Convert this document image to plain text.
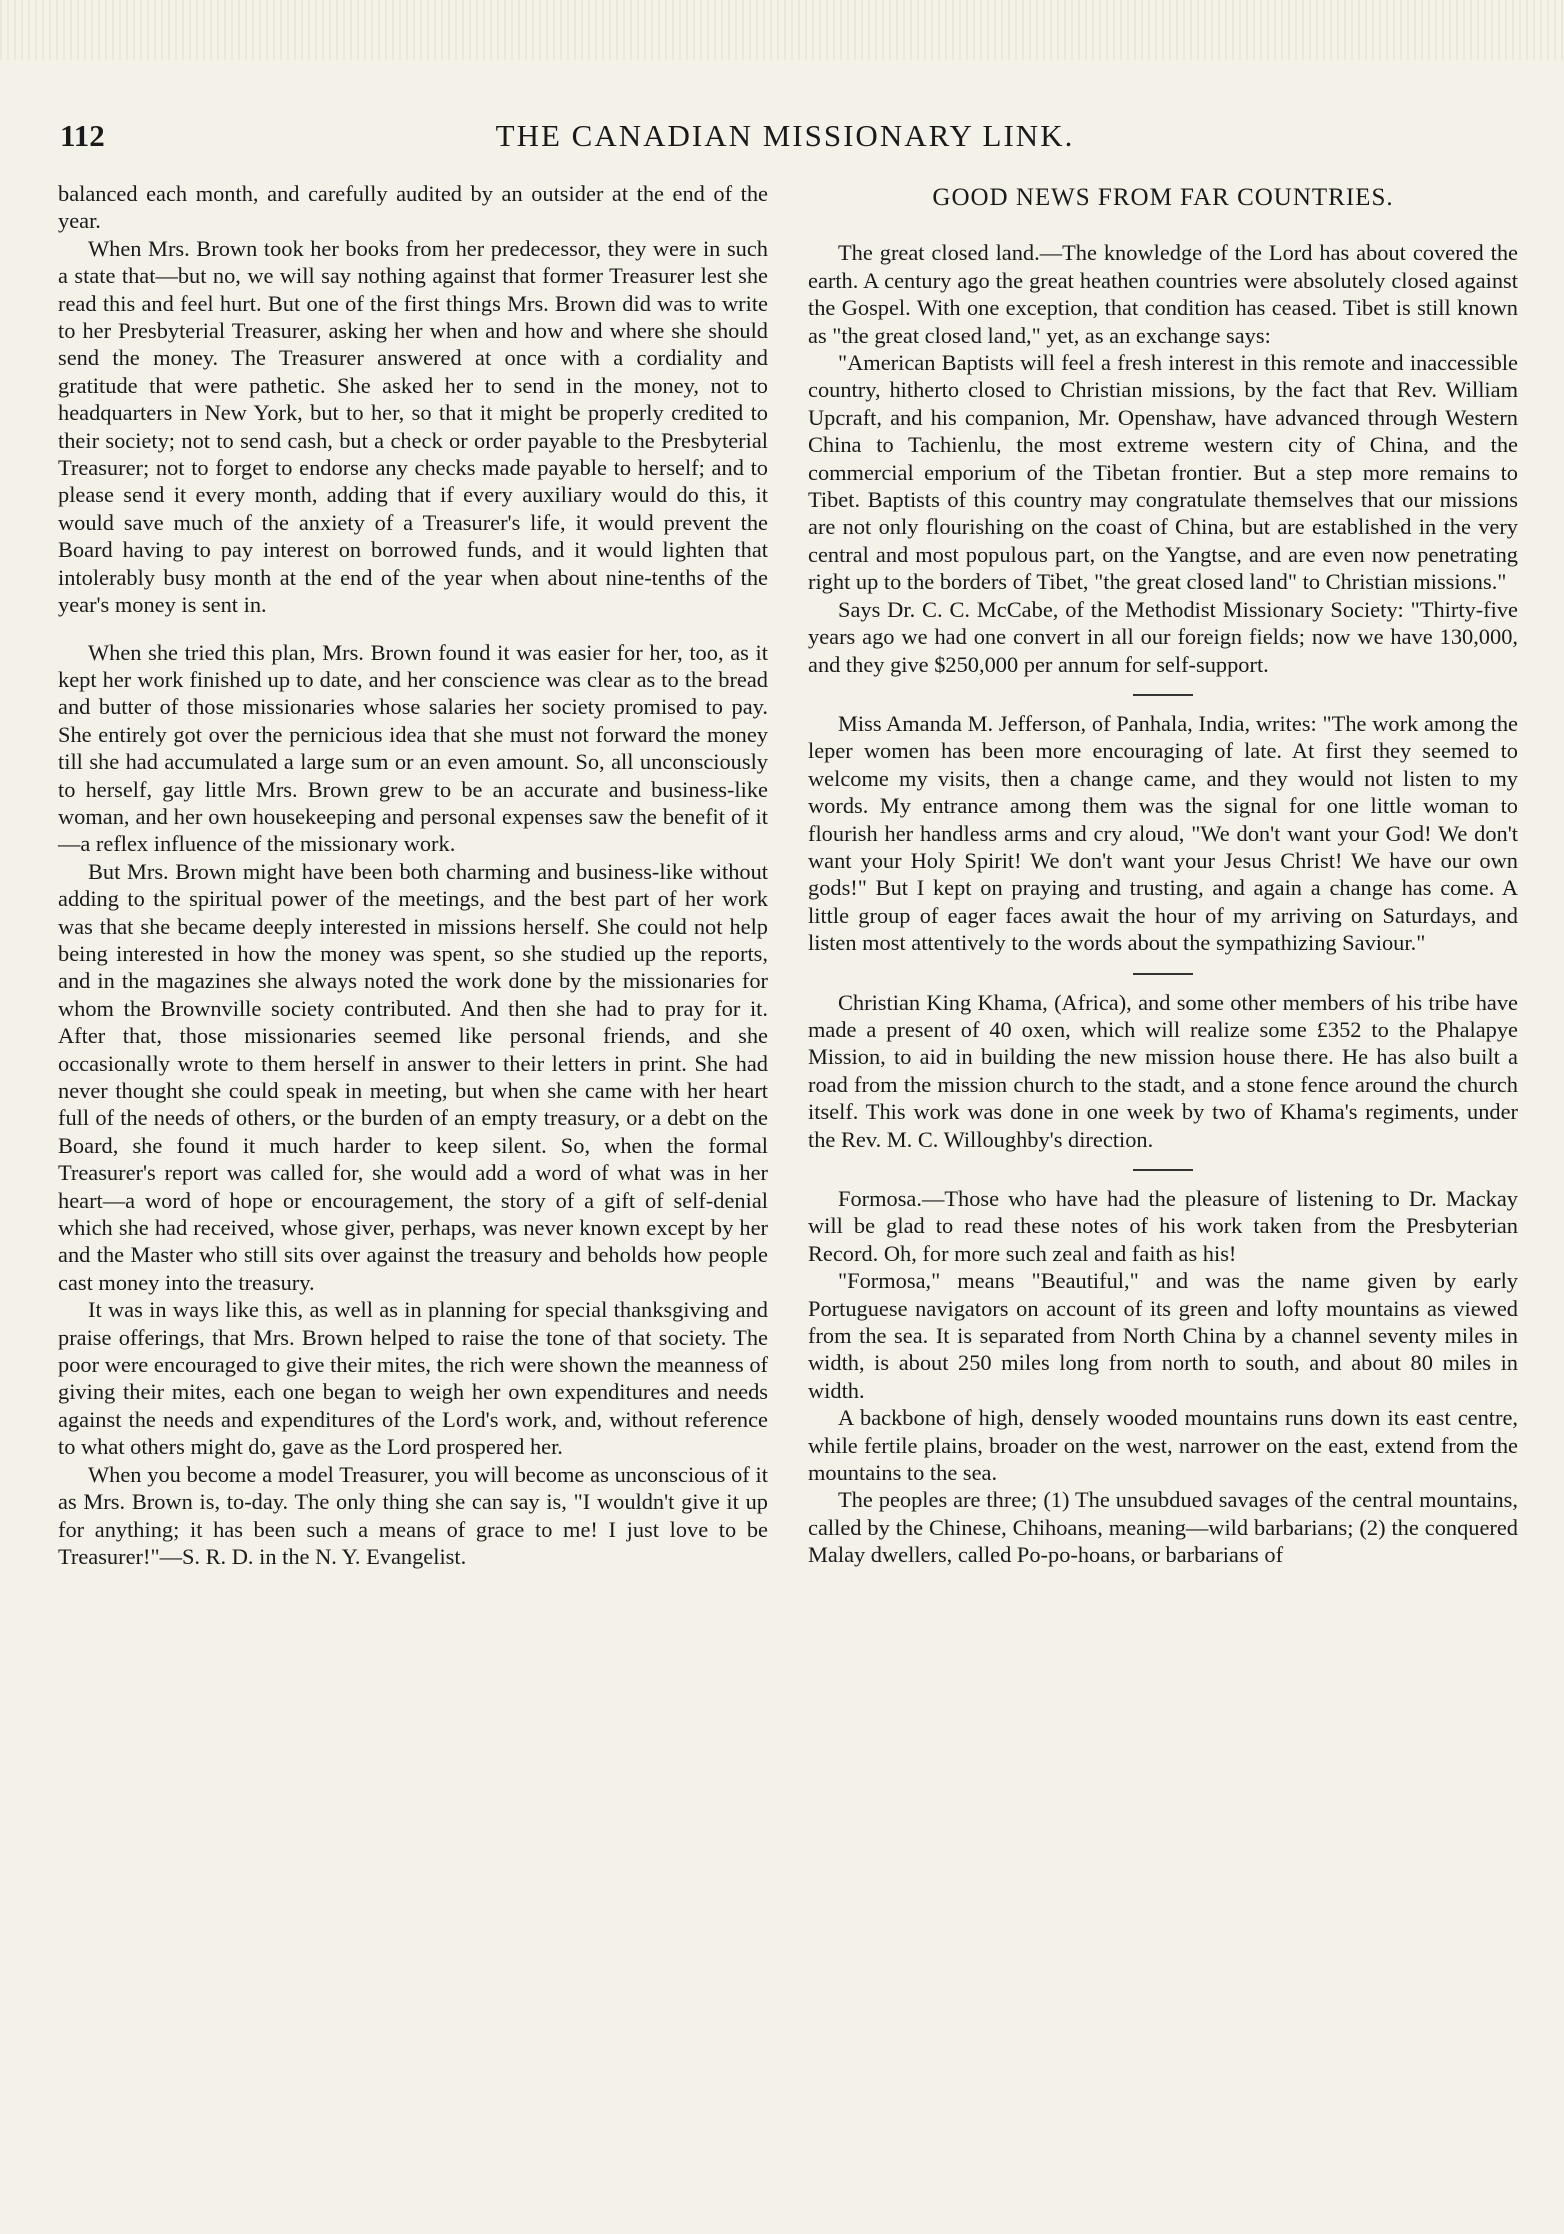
112	THE CANADIAN MISSIONARY LINK.

balanced each month, and carefully audited by an outsider at the end of the year.

When Mrs. Brown took her books from her predecessor, they were in such a state that—but no, we will say nothing against that former Treasurer lest she read this and feel hurt. But one of the first things Mrs. Brown did was to write to her Presbyterial Treasurer, asking her when and how and where she should send the money. The Treasurer answered at once with a cordiality and gratitude that were pathetic. She asked her to send in the money, not to headquarters in New York, but to her, so that it might be properly credited to their society; not to send cash, but a check or order payable to the Presbyterial Treasurer; not to forget to endorse any checks made payable to herself; and to please send it every month, adding that if every auxiliary would do this, it would save much of the anxiety of a Treasurer's life, it would prevent the Board having to pay interest on borrowed funds, and it would lighten that intolerably busy month at the end of the year when about nine-tenths of the year's money is sent in.

When she tried this plan, Mrs. Brown found it was easier for her, too, as it kept her work finished up to date, and her conscience was clear as to the bread and butter of those missionaries whose salaries her society promised to pay. She entirely got over the pernicious idea that she must not forward the money till she had accumulated a large sum or an even amount. So, all unconsciously to herself, gay little Mrs. Brown grew to be an accurate and business-like woman, and her own housekeeping and personal expenses saw the benefit of it—a reflex influence of the missionary work.

But Mrs. Brown might have been both charming and business-like without adding to the spiritual power of the meetings, and the best part of her work was that she became deeply interested in missions herself. She could not help being interested in how the money was spent, so she studied up the reports, and in the magazines she always noted the work done by the missionaries for whom the Brownville society contributed. And then she had to pray for it. After that, those missionaries seemed like personal friends, and she occasionally wrote to them herself in answer to their letters in print. She had never thought she could speak in meeting, but when she came with her heart full of the needs of others, or the burden of an empty treasury, or a debt on the Board, she found it much harder to keep silent. So, when the formal Treasurer's report was called for, she would add a word of what was in her heart—a word of hope or encouragement, the story of a gift of self-denial which she had received, whose giver, perhaps, was never known except by her and the Master who still sits over against the treasury and beholds how people cast money into the treasury.

It was in ways like this, as well as in planning for special thanksgiving and praise offerings, that Mrs. Brown helped to raise the tone of that society. The poor were encouraged to give their mites, the rich were shown the meanness of giving their mites, each one began to weigh her own expenditures and needs against the needs and expenditures of the Lord's work, and, without reference to what others might do, gave as the Lord prospered her.

When you become a model Treasurer, you will become as unconscious of it as Mrs. Brown is, to-day. The only thing she can say is, "I wouldn't give it up for anything; it has been such a means of grace to me! I just love to be Treasurer!"—S. R. D. in the N. Y. Evangelist.

GOOD NEWS FROM FAR COUNTRIES.

The great closed land.—The knowledge of the Lord has about covered the earth. A century ago the great heathen countries were absolutely closed against the Gospel. With one exception, that condition has ceased. Tibet is still known as "the great closed land," yet, as an exchange says:

"American Baptists will feel a fresh interest in this remote and inaccessible country, hitherto closed to Christian missions, by the fact that Rev. William Upcraft, and his companion, Mr. Openshaw, have advanced through Western China to Tachienlu, the most extreme western city of China, and the commercial emporium of the Tibetan frontier. But a step more remains to Tibet. Baptists of this country may congratulate themselves that our missions are not only flourishing on the coast of China, but are established in the very central and most populous part, on the Yangtse, and are even now penetrating right up to the borders of Tibet, "the great closed land" to Christian missions."

Says Dr. C. C. McCabe, of the Methodist Missionary Society: "Thirty-five years ago we had one convert in all our foreign fields; now we have 130,000, and they give $250,000 per annum for self-support.

Miss Amanda M. Jefferson, of Panhala, India, writes: "The work among the leper women has been more encouraging of late. At first they seemed to welcome my visits, then a change came, and they would not listen to my words. My entrance among them was the signal for one little woman to flourish her handless arms and cry aloud, "We don't want your God! We don't want your Holy Spirit! We don't want your Jesus Christ! We have our own gods!" But I kept on praying and trusting, and again a change has come. A little group of eager faces await the hour of my arriving on Saturdays, and listen most attentively to the words about the sympathizing Saviour."

Christian King Khama, (Africa), and some other members of his tribe have made a present of 40 oxen, which will realize some £352 to the Phalapye Mission, to aid in building the new mission house there. He has also built a road from the mission church to the stadt, and a stone fence around the church itself. This work was done in one week by two of Khama's regiments, under the Rev. M. C. Willoughby's direction.

Formosa.—Those who have had the pleasure of listening to Dr. Mackay will be glad to read these notes of his work taken from the Presbyterian Record. Oh, for more such zeal and faith as his!

"Formosa," means "Beautiful," and was the name given by early Portuguese navigators on account of its green and lofty mountains as viewed from the sea. It is separated from North China by a channel seventy miles in width, is about 250 miles long from north to south, and about 80 miles in width.

A backbone of high, densely wooded mountains runs down its east centre, while fertile plains, broader on the west, narrower on the east, extend from the mountains to the sea.

The peoples are three; (1) The unsubdued savages of the central mountains, called by the Chinese, Chihoans, meaning—wild barbarians; (2) the conquered Malay dwellers, called Po-po-hoans, or barbarians of
